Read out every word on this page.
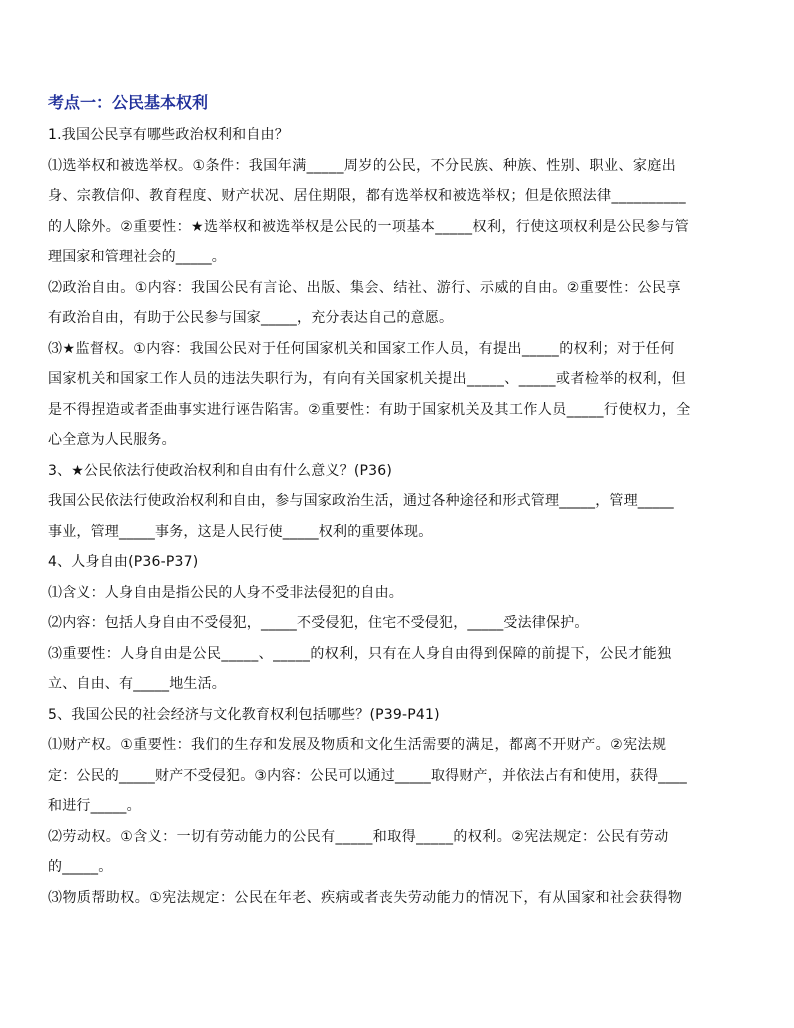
考点一：公民基本权利
1.我国公民享有哪些政治权利和自由？
⑴选举权和被选举权。①条件：我国年满_____周岁的公民，不分民族、种族、性别、职业、家庭出
身、宗教信仰、教育程度、财产状况、居住期限，都有选举权和被选举权；但是依照法律__________
的人除外。②重要性：★选举权和被选举权是公民的一项基本_____权利，行使这项权利是公民参与管
理国家和管理社会的_____。
⑵政治自由。①内容：我国公民有言论、出版、集会、结社、游行、示威的自由。②重要性：公民享
有政治自由，有助于公民参与国家_____，充分表达自己的意愿。
⑶★监督权。①内容：我国公民对于任何国家机关和国家工作人员，有提出_____的权利；对于任何
国家机关和国家工作人员的违法失职行为，有向有关国家机关提出_____、_____或者检举的权利，但
是不得捏造或者歪曲事实进行诬告陷害。②重要性：有助于国家机关及其工作人员_____行使权力，全
心全意为人民服务。
3、★公民依法行使政治权利和自由有什么意义？(P36)
我国公民依法行使政治权利和自由，参与国家政治生活，通过各种途径和形式管理_____，管理_____
事业，管理_____事务，这是人民行使_____权利的重要体现。
4、人身自由(P36-P37)
⑴含义：人身自由是指公民的人身不受非法侵犯的自由。
⑵内容：包括人身自由不受侵犯，_____不受侵犯，住宅不受侵犯，_____受法律保护。
⑶重要性：人身自由是公民_____、_____的权利，只有在人身自由得到保障的前提下，公民才能独
立、自由、有_____地生活。
5、我国公民的社会经济与文化教育权利包括哪些？(P39-P41)
⑴财产权。①重要性：我们的生存和发展及物质和文化生活需要的满足，都离不开财产。②宪法规
定：公民的_____财产不受侵犯。③内容：公民可以通过_____取得财产，并依法占有和使用，获得____
和进行_____。
⑵劳动权。①含义：一切有劳动能力的公民有_____和取得_____的权利。②宪法规定：公民有劳动
的_____。
⑶物质帮助权。①宪法规定：公民在年老、疾病或者丧失劳动能力的情况下，有从国家和社会获得物
